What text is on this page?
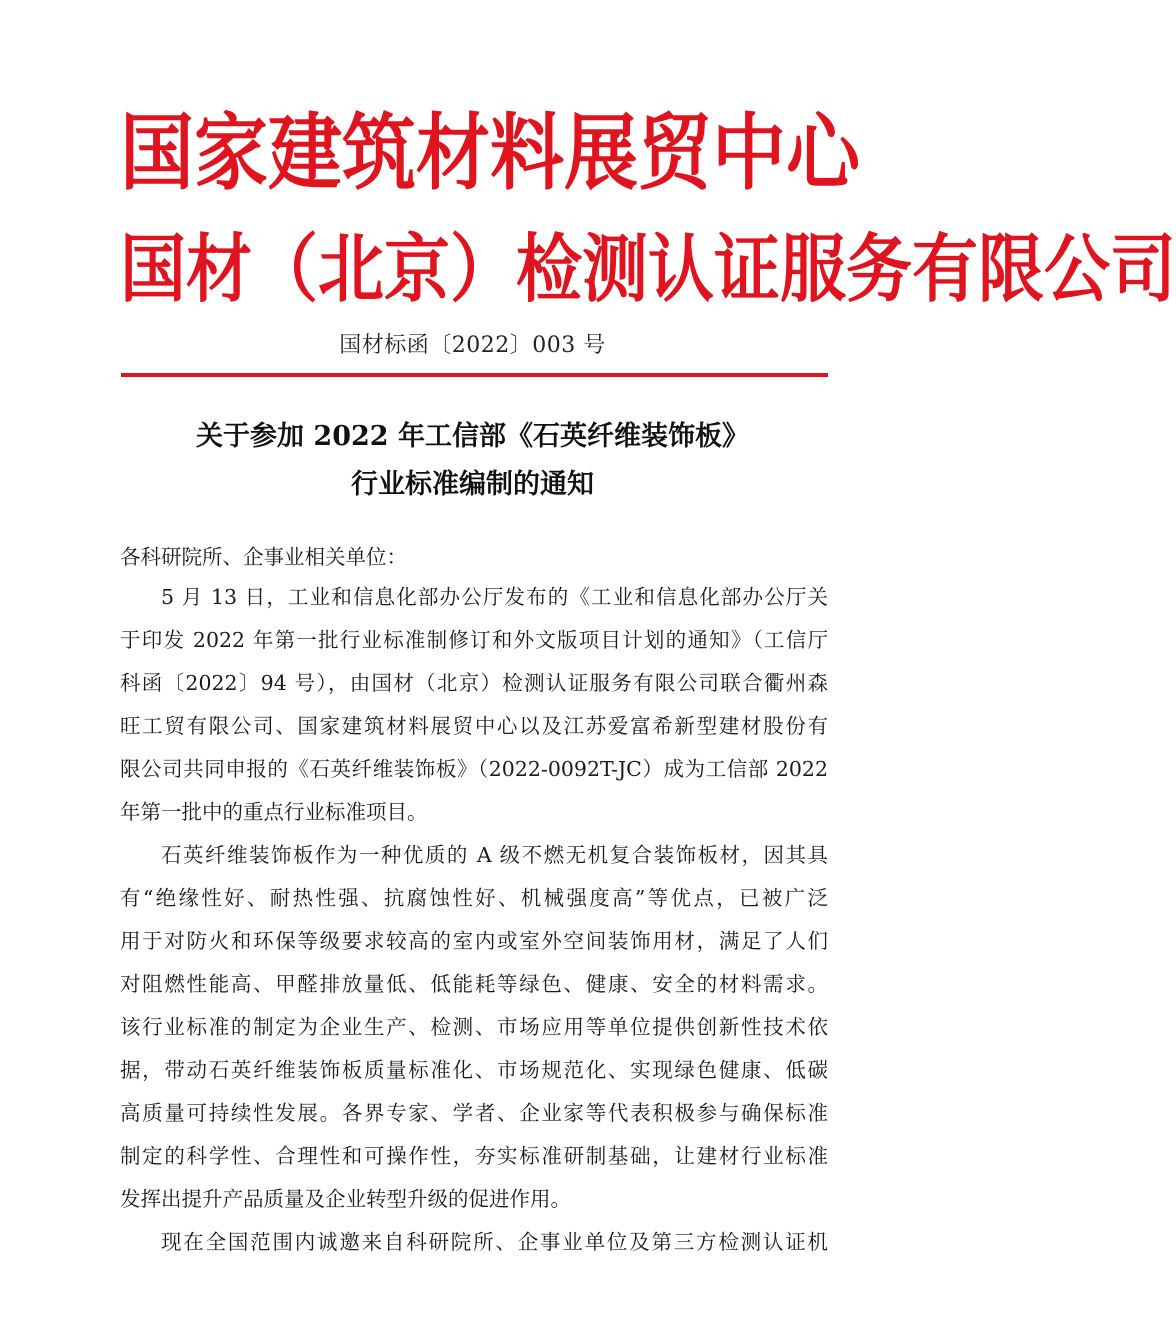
国家建筑材料展贸中心
国材（北京）检测认证服务有限公司
国材标函〔2022〕003 号
关于参加 2022 年工信部《石英纤维装饰板》
行业标准编制的通知
各科研院所、企事业相关单位：
5 月 13 日，工业和信息化部办公厅发布的《工业和信息化部办公厅关
于印发 2022 年第一批行业标准制修订和外文版项目计划的通知》（工信厅
科函〔2022〕94 号），由国材（北京）检测认证服务有限公司联合衢州森
旺工贸有限公司、国家建筑材料展贸中心以及江苏爱富希新型建材股份有
限公司共同申报的《石英纤维装饰板》（2022-0092T-JC）成为工信部 2022
年第一批中的重点行业标准项目。
石英纤维装饰板作为一种优质的 A 级不燃无机复合装饰板材，因其具
有“绝缘性好、耐热性强、抗腐蚀性好、机械强度高”等优点，已被广泛
用于对防火和环保等级要求较高的室内或室外空间装饰用材，满足了人们
对阻燃性能高、甲醛排放量低、低能耗等绿色、健康、安全的材料需求。
该行业标准的制定为企业生产、检测、市场应用等单位提供创新性技术依
据，带动石英纤维装饰板质量标准化、市场规范化、实现绿色健康、低碳
高质量可持续性发展。各界专家、学者、企业家等代表积极参与确保标准
制定的科学性、合理性和可操作性，夯实标准研制基础，让建材行业标准
发挥出提升产品质量及企业转型升级的促进作用。
现在全国范围内诚邀来自科研院所、企事业单位及第三方检测认证机
